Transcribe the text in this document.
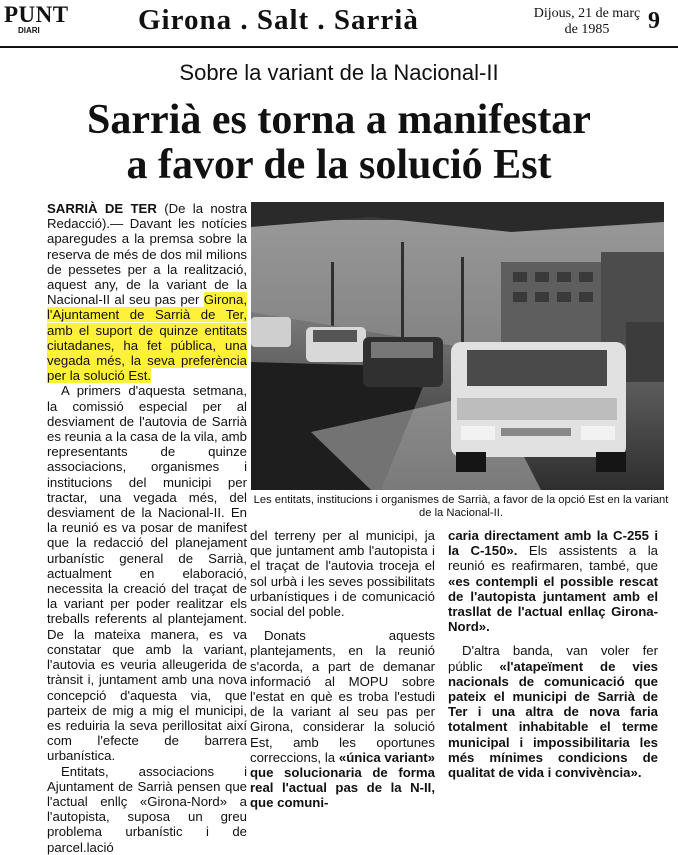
PUNT
DIARI	Girona . Salt . Sarrià	Dijous, 21 de març
de 1985	9
Sobre la variant de la Nacional-II
Sarrià es torna a manifestar
a favor de la solució Est

SARRIÀ DE TER (De la nostra Redacció).— Davant les notícies aparegudes a la premsa sobre la reserva de més de dos mil milions de pessetes per a la realització, aquest any, de la variant de la Nacional-II al seu pas per Girona, l'Ajuntament de Sarrià de Ter, amb el suport de quinze entitats ciutadanes, ha fet pública, una vegada més, la seva preferència per la solució Est.

A primers d'aquesta setmana, la comissió especial per al desviament de l'autovia de Sarrià es reunia a la casa de la vila, amb representants de quinze associacions, organismes i institucions del municipi per tractar, una vegada més, del desviament de la Nacional-II. En la reunió es va posar de manifest que la redacció del planejament urbanístic general de Sarrià, actualment en elaboració, necessita la creació del traçat de la variant per poder realitzar els treballs referents al plantejament. De la mateixa manera, es va constatar que amb la variant, l'autovia es veuria alleugerida de trànsit i, juntament amb una nova concepció d'aquesta via, que parteix de mig a mig el municipi, es reduiria la seva perillositat així com l'efecte de barrera urbanística.

Entitats, associacions i Ajuntament de Sarrià pensen que l'actual enllç «Girona-Nord» a l'autopista, suposa un greu problema urbanístic i de parcel.lació

Les entitats, institucions i organismes de Sarrià, a favor de la opció Est en la variant de la Nacional-II.

del terreny per al municipi, ja que juntament amb l'autopista i el traçat de l'autovia troceja el sol urbà i les seves possibilitats urbanístiques i de comunicació social del poble.

Donats aquests plantejaments, en la reunió s'acorda, a part de demanar informació al MOPU sobre l'estat en què es troba l'estudi de la variant al seu pas per Girona, considerar la solució Est, amb les oportunes correccions, la «única variant» que solucionaria de forma real l'actual pas de la N-II, que comuni-

caria directament amb la C-255 i la C-150». Els assistents a la reunió es reafirmaren, també, que «es contempli el possible rescat de l'autopista juntament amb el trasllat de l'actual enllaç Girona-Nord».

D'altra banda, van voler fer públic «l'atapeïment de vies nacionals de comunicació que pateix el municipi de Sarrià de Ter i una altra de nova faria totalment inhabitable el terme municipal i impossibilitaria les més mínimes condicions de qualitat de vida i convivència».
